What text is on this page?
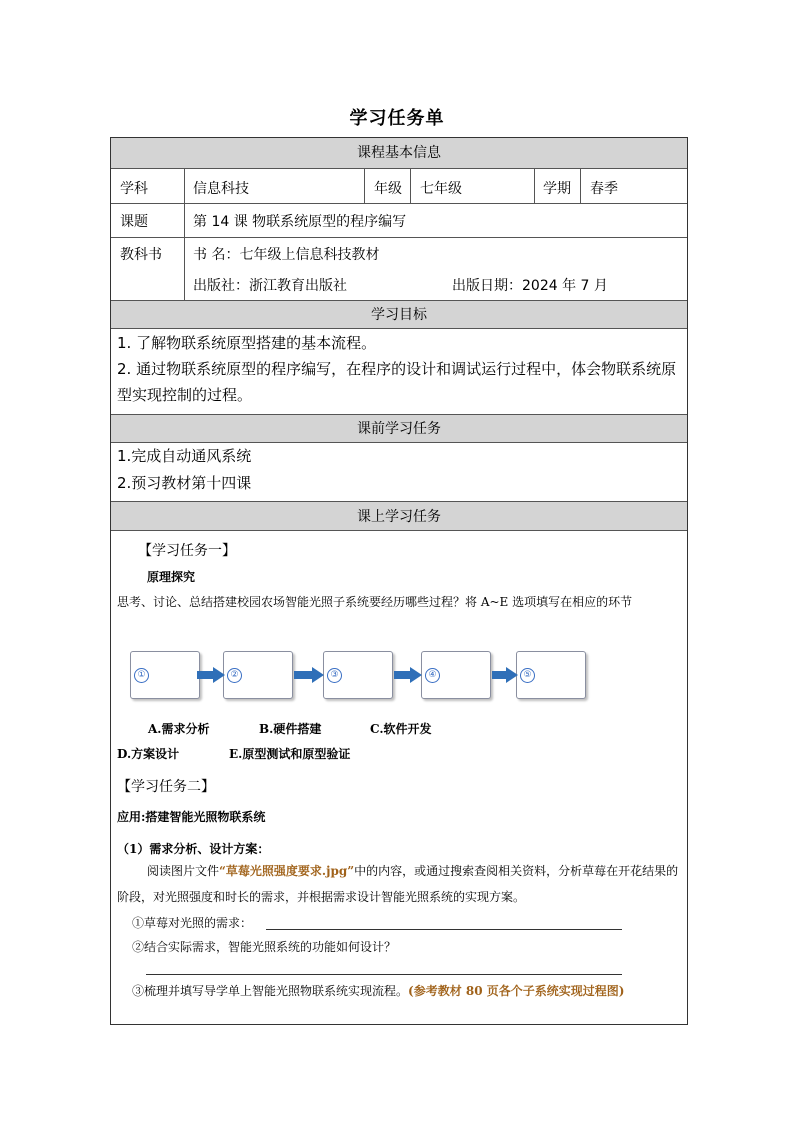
学习任务单
课程基本信息
学科	信息科技	年级 七年级	学期 春季
课题	第 14 课 物联系统原型的程序编写
教科书 书 名：七年级上信息科技教材
出版社：浙江教育出版社	出版日期：2024 年 7 月
学习目标
1. 了解物联系统原型搭建的基本流程。
2. 通过物联系统原型的程序编写，在程序的设计和调试运行过程中，体会物联系统原型实现控制的过程。
课前学习任务
1.完成自动通风系统
2.预习教材第十四课
课上学习任务
【学习任务一】
原理探究
思考、讨论、总结搭建校园农场智能光照子系统要经历哪些过程？将 A~E 选项填写在相应的环节
①	②	③	④	⑤
A.需求分析	B.硬件搭建	C.软件开发
D.方案设计	E.原型测试和原型验证
【学习任务二】
应用:搭建智能光照物联系统
（1）需求分析、设计方案：
阅读图片文件“草莓光照强度要求.jpg”中的内容，或通过搜索查阅相关资料，分析草莓在开花结果的阶段，对光照强度和时长的需求，并根据需求设计智能光照系统的实现方案。
①草莓对光照的需求：
②结合实际需求，智能光照系统的功能如何设计？
③梳理并填写导学单上智能光照物联系统实现流程。(参考教材 80 页各个子系统实现过程图)
